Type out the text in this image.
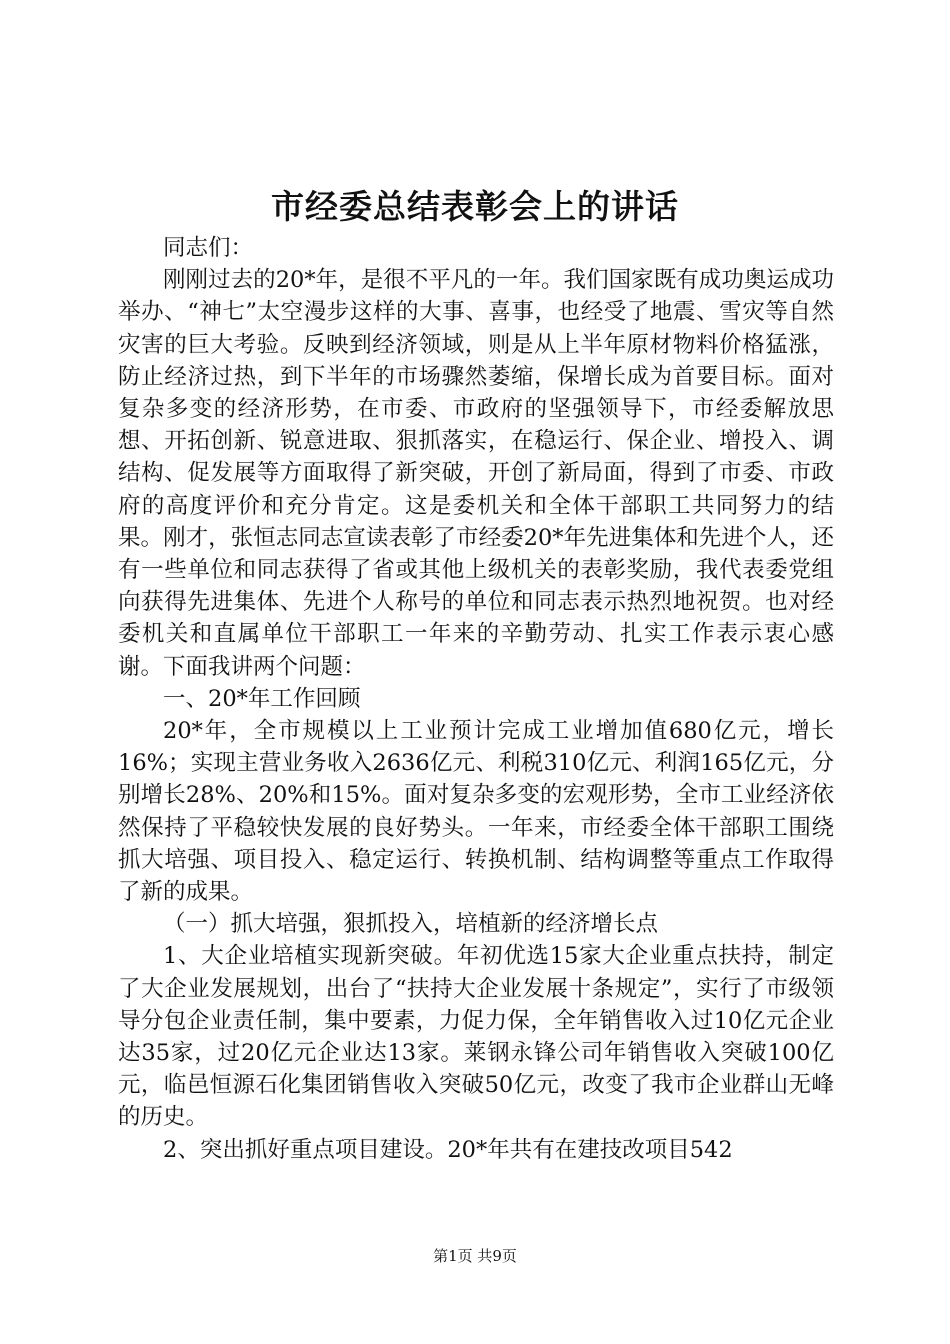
市经委总结表彰会上的讲话

同志们：

刚刚过去的20*年，是很不平凡的一年。我们国家既有成功奥运成功举办、“神七”太空漫步这样的大事、喜事，也经受了地震、雪灾等自然灾害的巨大考验。反映到经济领域，则是从上半年原材物料价格猛涨，防止经济过热，到下半年的市场骤然萎缩，保增长成为首要目标。面对复杂多变的经济形势，在市委、市政府的坚强领导下，市经委解放思想、开拓创新、锐意进取、狠抓落实，在稳运行、保企业、增投入、调结构、促发展等方面取得了新突破，开创了新局面，得到了市委、市政府的高度评价和充分肯定。这是委机关和全体干部职工共同努力的结果。刚才，张恒志同志宣读表彰了市经委20*年先进集体和先进个人，还有一些单位和同志获得了省或其他上级机关的表彰奖励，我代表委党组向获得先进集体、先进个人称号的单位和同志表示热烈地祝贺。也对经委机关和直属单位干部职工一年来的辛勤劳动、扎实工作表示衷心感谢。下面我讲两个问题：

一、20*年工作回顾

20*年，全市规模以上工业预计完成工业增加值680亿元，增长16%；实现主营业务收入2636亿元、利税310亿元、利润165亿元，分别增长28%、20%和15%。面对复杂多变的宏观形势，全市工业经济依然保持了平稳较快发展的良好势头。一年来，市经委全体干部职工围绕抓大培强、项目投入、稳定运行、转换机制、结构调整等重点工作取得了新的成果。

（一）抓大培强，狠抓投入，培植新的经济增长点

1、大企业培植实现新突破。年初优选15家大企业重点扶持，制定了大企业发展规划，出台了“扶持大企业发展十条规定”，实行了市级领导分包企业责任制，集中要素，力促力保，全年销售收入过10亿元企业达35家，过20亿元企业达13家。莱钢永锋公司年销售收入突破100亿元，临邑恒源石化集团销售收入突破50亿元，改变了我市企业群山无峰的历史。

2、突出抓好重点项目建设。20*年共有在建技改项目542

第1页 共9页
